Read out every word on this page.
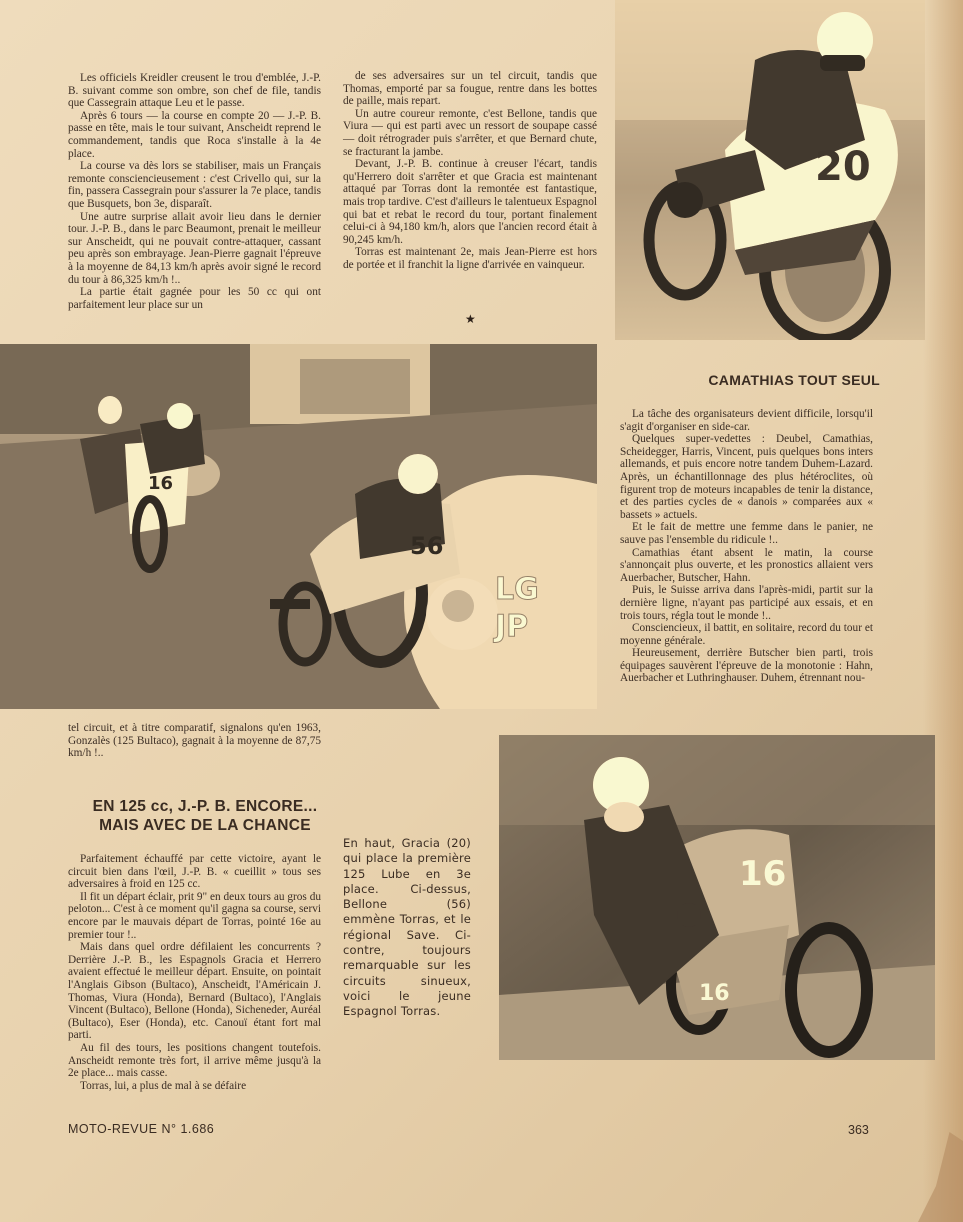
Les officiels Kreidler creusent le trou d'emblée, J.-P. B. suivant comme son ombre, son chef de file, tandis que Cassegrain attaque Leu et le passe.

Après 6 tours — la course en compte 20 — J.-P. B. passe en tête, mais le tour suivant, Anscheidt reprend le commandement, tandis que Roca s'installe à la 4e place.

La course va dès lors se stabiliser, mais un Français remonte consciencieusement : c'est Crivello qui, sur la fin, passera Cassegrain pour s'assurer la 7e place, tandis que Busquets, bon 3e, disparaît.

Une autre surprise allait avoir lieu dans le dernier tour. J.-P. B., dans le parc Beaumont, prenait le meilleur sur Anscheidt, qui ne pouvait contre-attaquer, cassant peu après son embrayage. Jean-Pierre gagnait l'épreuve à la moyenne de 84,13 km/h après avoir signé le record du tour à 86,325 km/h !..

La partie était gagnée pour les 50 cc qui ont parfaitement leur place sur un

de ses adversaires sur un tel circuit, tandis que Thomas, emporté par sa fougue, rentre dans les bottes de paille, mais repart.

Un autre coureur remonte, c'est Bellone, tandis que Viura — qui est parti avec un ressort de soupape cassé — doit rétrograder puis s'arrêter, et que Bernard chute, se fracturant la jambe.

Devant, J.-P. B. continue à creuser l'écart, tandis qu'Herrero doit s'arrêter et que Gracia est maintenant attaqué par Torras dont la remontée est fantastique, mais trop tardive. C'est d'ailleurs le talentueux Espagnol qui bat et rebat le record du tour, portant finalement celui-ci à 94,180 km/h, alors que l'ancien record était à 90,245 km/h.

Torras est maintenant 2e, mais Jean-Pierre est hors de portée et il franchit la ligne d'arrivée en vainqueur.

★
20
CAMATHIAS TOUT SEUL

La tâche des organisateurs devient difficile, lorsqu'il s'agit d'organiser en side-car.

Quelques super-vedettes : Deubel, Camathias, Scheidegger, Harris, Vincent, puis quelques bons inters allemands, et puis encore notre tandem Duhem-Lazard. Après, un échantillonnage des plus hétéroclites, où figurent trop de moteurs incapables de tenir la distance, et des parties cycles de « danois » comparées aux « bassets » actuels.

Et le fait de mettre une femme dans le panier, ne sauve pas l'ensemble du ridicule !..

Camathias étant absent le matin, la course s'annonçait plus ouverte, et les pronostics allaient vers Auerbacher, Butscher, Hahn.

Puis, le Suisse arriva dans l'après-midi, partit sur la dernière ligne, n'ayant pas participé aux essais, et en trois tours, régla tout le monde !..

Consciencieux, il battit, en solitaire, record du tour et moyenne générale.

Heureusement, derrière Butscher bien parti, trois équipages sauvèrent l'épreuve de la monotonie : Hahn, Auerbacher et Luthringhauser. Duhem, étrennant nou-

16
56
LG
JP

tel circuit, et à titre comparatif, signalons qu'en 1963, Gonzalès (125 Bultaco), gagnait à la moyenne de 87,75 km/h !..

EN 125 cc, J.-P. B. ENCORE...
MAIS AVEC DE LA CHANCE

Parfaitement échauffé par cette victoire, ayant le circuit bien dans l'œil, J.-P. B. « cueillit » tous ses adversaires à froid en 125 cc.

Il fit un départ éclair, prit 9" en deux tours au gros du peloton... C'est à ce moment qu'il gagna sa course, servi encore par le mauvais départ de Torras, pointé 16e au premier tour !..

Mais dans quel ordre défilaient les concurrents ? Derrière J.-P. B., les Espagnols Gracia et Herrero avaient effectué le meilleur départ. Ensuite, on pointait l'Anglais Gibson (Bultaco), Anscheidt, l'Américain J. Thomas, Viura (Honda), Bernard (Bultaco), l'Anglais Vincent (Bultaco), Bellone (Honda), Sicheneder, Auréal (Bultaco), Eser (Honda), etc. Canouï étant fort mal parti.

Au fil des tours, les positions changent toutefois. Anscheidt remonte très fort, il arrive même jusqu'à la 2e place... mais casse.

Torras, lui, a plus de mal à se défaire

En haut, Gracia (20) qui place la première 125 Lube en 3e place. Ci-dessus, Bellone (56) emmène Torras, et le régional Save. Ci-contre, toujours remarquable sur les circuits sinueux, voici le jeune Espagnol Torras.
16
16
MOTO-REVUE N° 1.686	363
